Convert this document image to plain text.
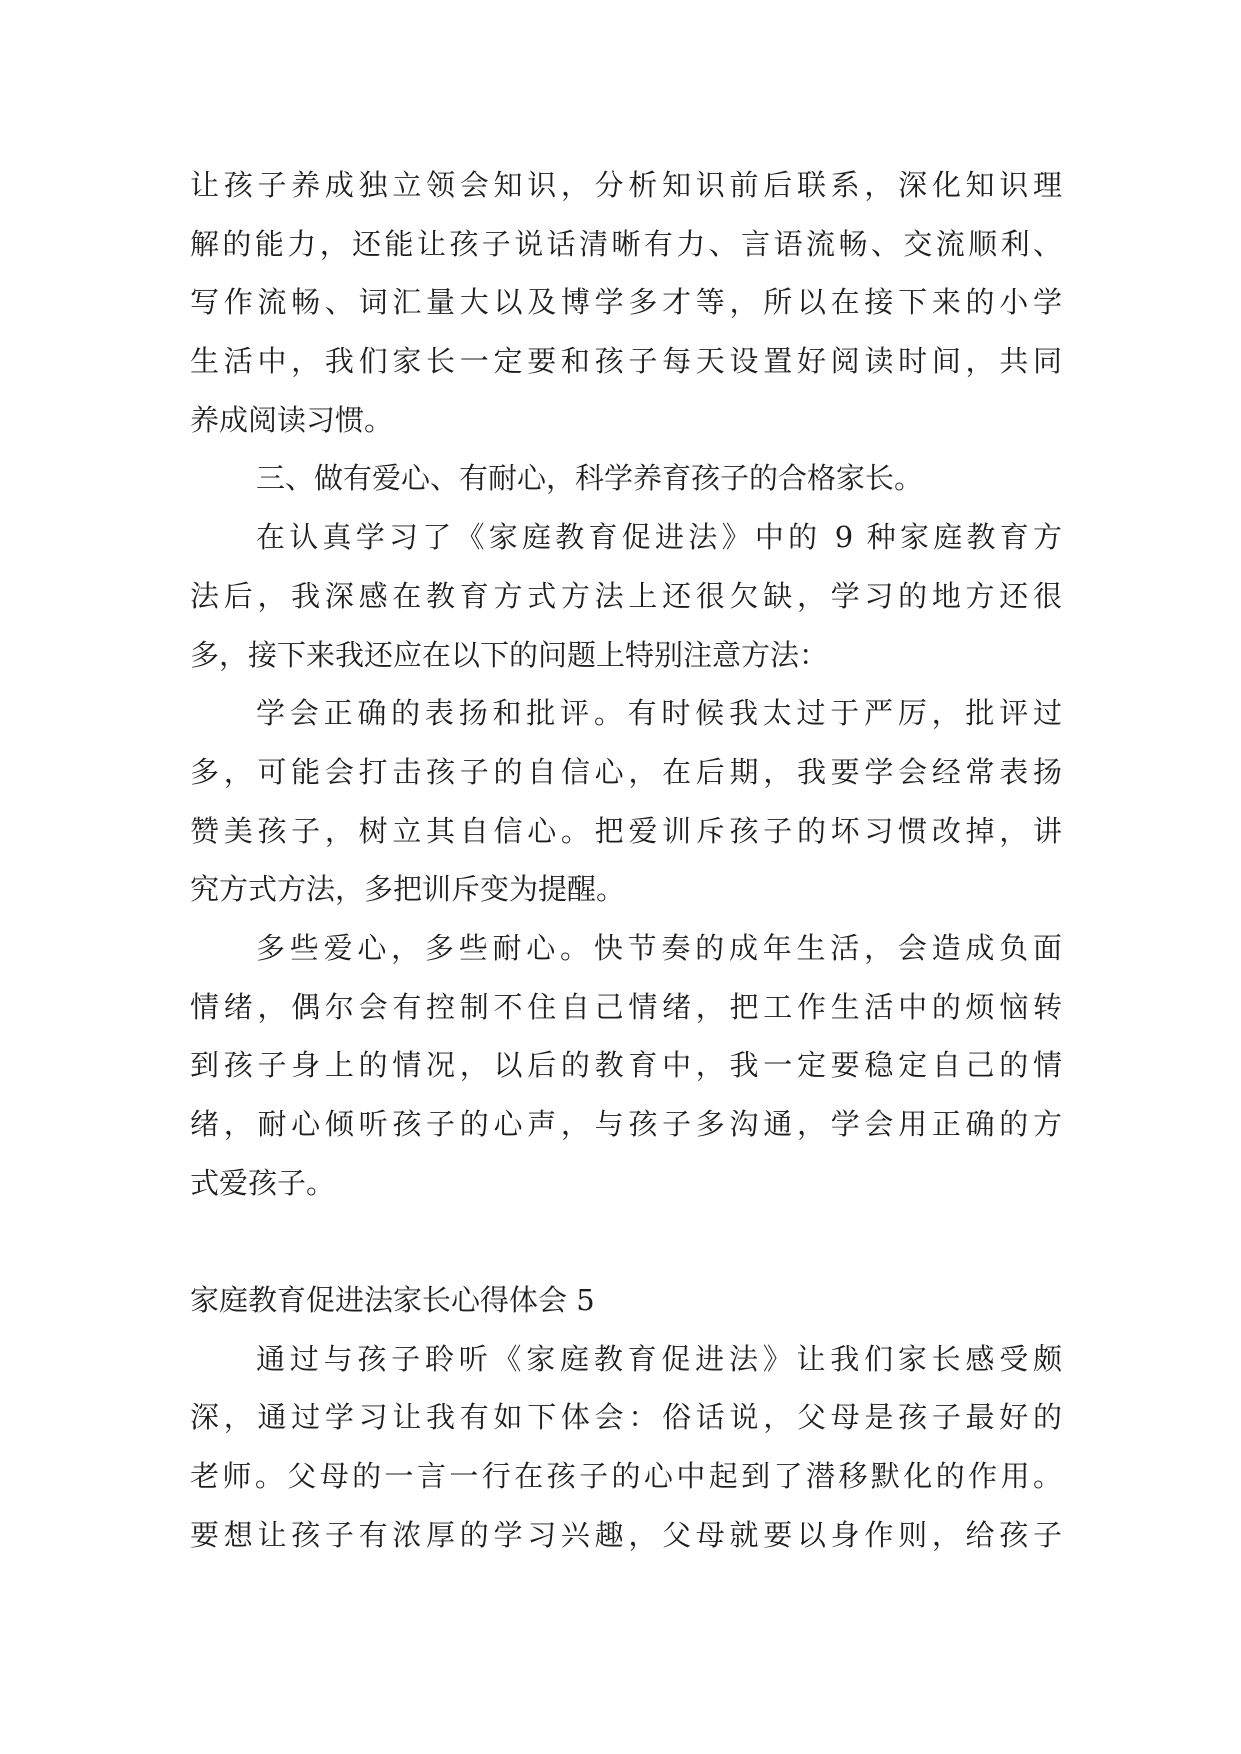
让孩子养成独立领会知识，分析知识前后联系，深化知识理
解的能力，还能让孩子说话清晰有力、言语流畅、交流顺利、
写作流畅、词汇量大以及博学多才等，所以在接下来的小学
生活中，我们家长一定要和孩子每天设置好阅读时间，共同
养成阅读习惯。
三、做有爱心、有耐心，科学养育孩子的合格家长。
在认真学习了《家庭教育促进法》中的 9 种家庭教育方
法后，我深感在教育方式方法上还很欠缺，学习的地方还很
多，接下来我还应在以下的问题上特别注意方法：
学会正确的表扬和批评。有时候我太过于严厉，批评过
多，可能会打击孩子的自信心，在后期，我要学会经常表扬
赞美孩子，树立其自信心。把爱训斥孩子的坏习惯改掉，讲
究方式方法，多把训斥变为提醒。
多些爱心，多些耐心。快节奏的成年生活，会造成负面
情绪，偶尔会有控制不住自己情绪，把工作生活中的烦恼转
到孩子身上的情况，以后的教育中，我一定要稳定自己的情
绪，耐心倾听孩子的心声，与孩子多沟通，学会用正确的方
式爱孩子。
家庭教育促进法家长心得体会 5
通过与孩子聆听《家庭教育促进法》让我们家长感受颇
深，通过学习让我有如下体会：俗话说，父母是孩子最好的
老师。父母的一言一行在孩子的心中起到了潜移默化的作用。
要想让孩子有浓厚的学习兴趣，父母就要以身作则，给孩子
